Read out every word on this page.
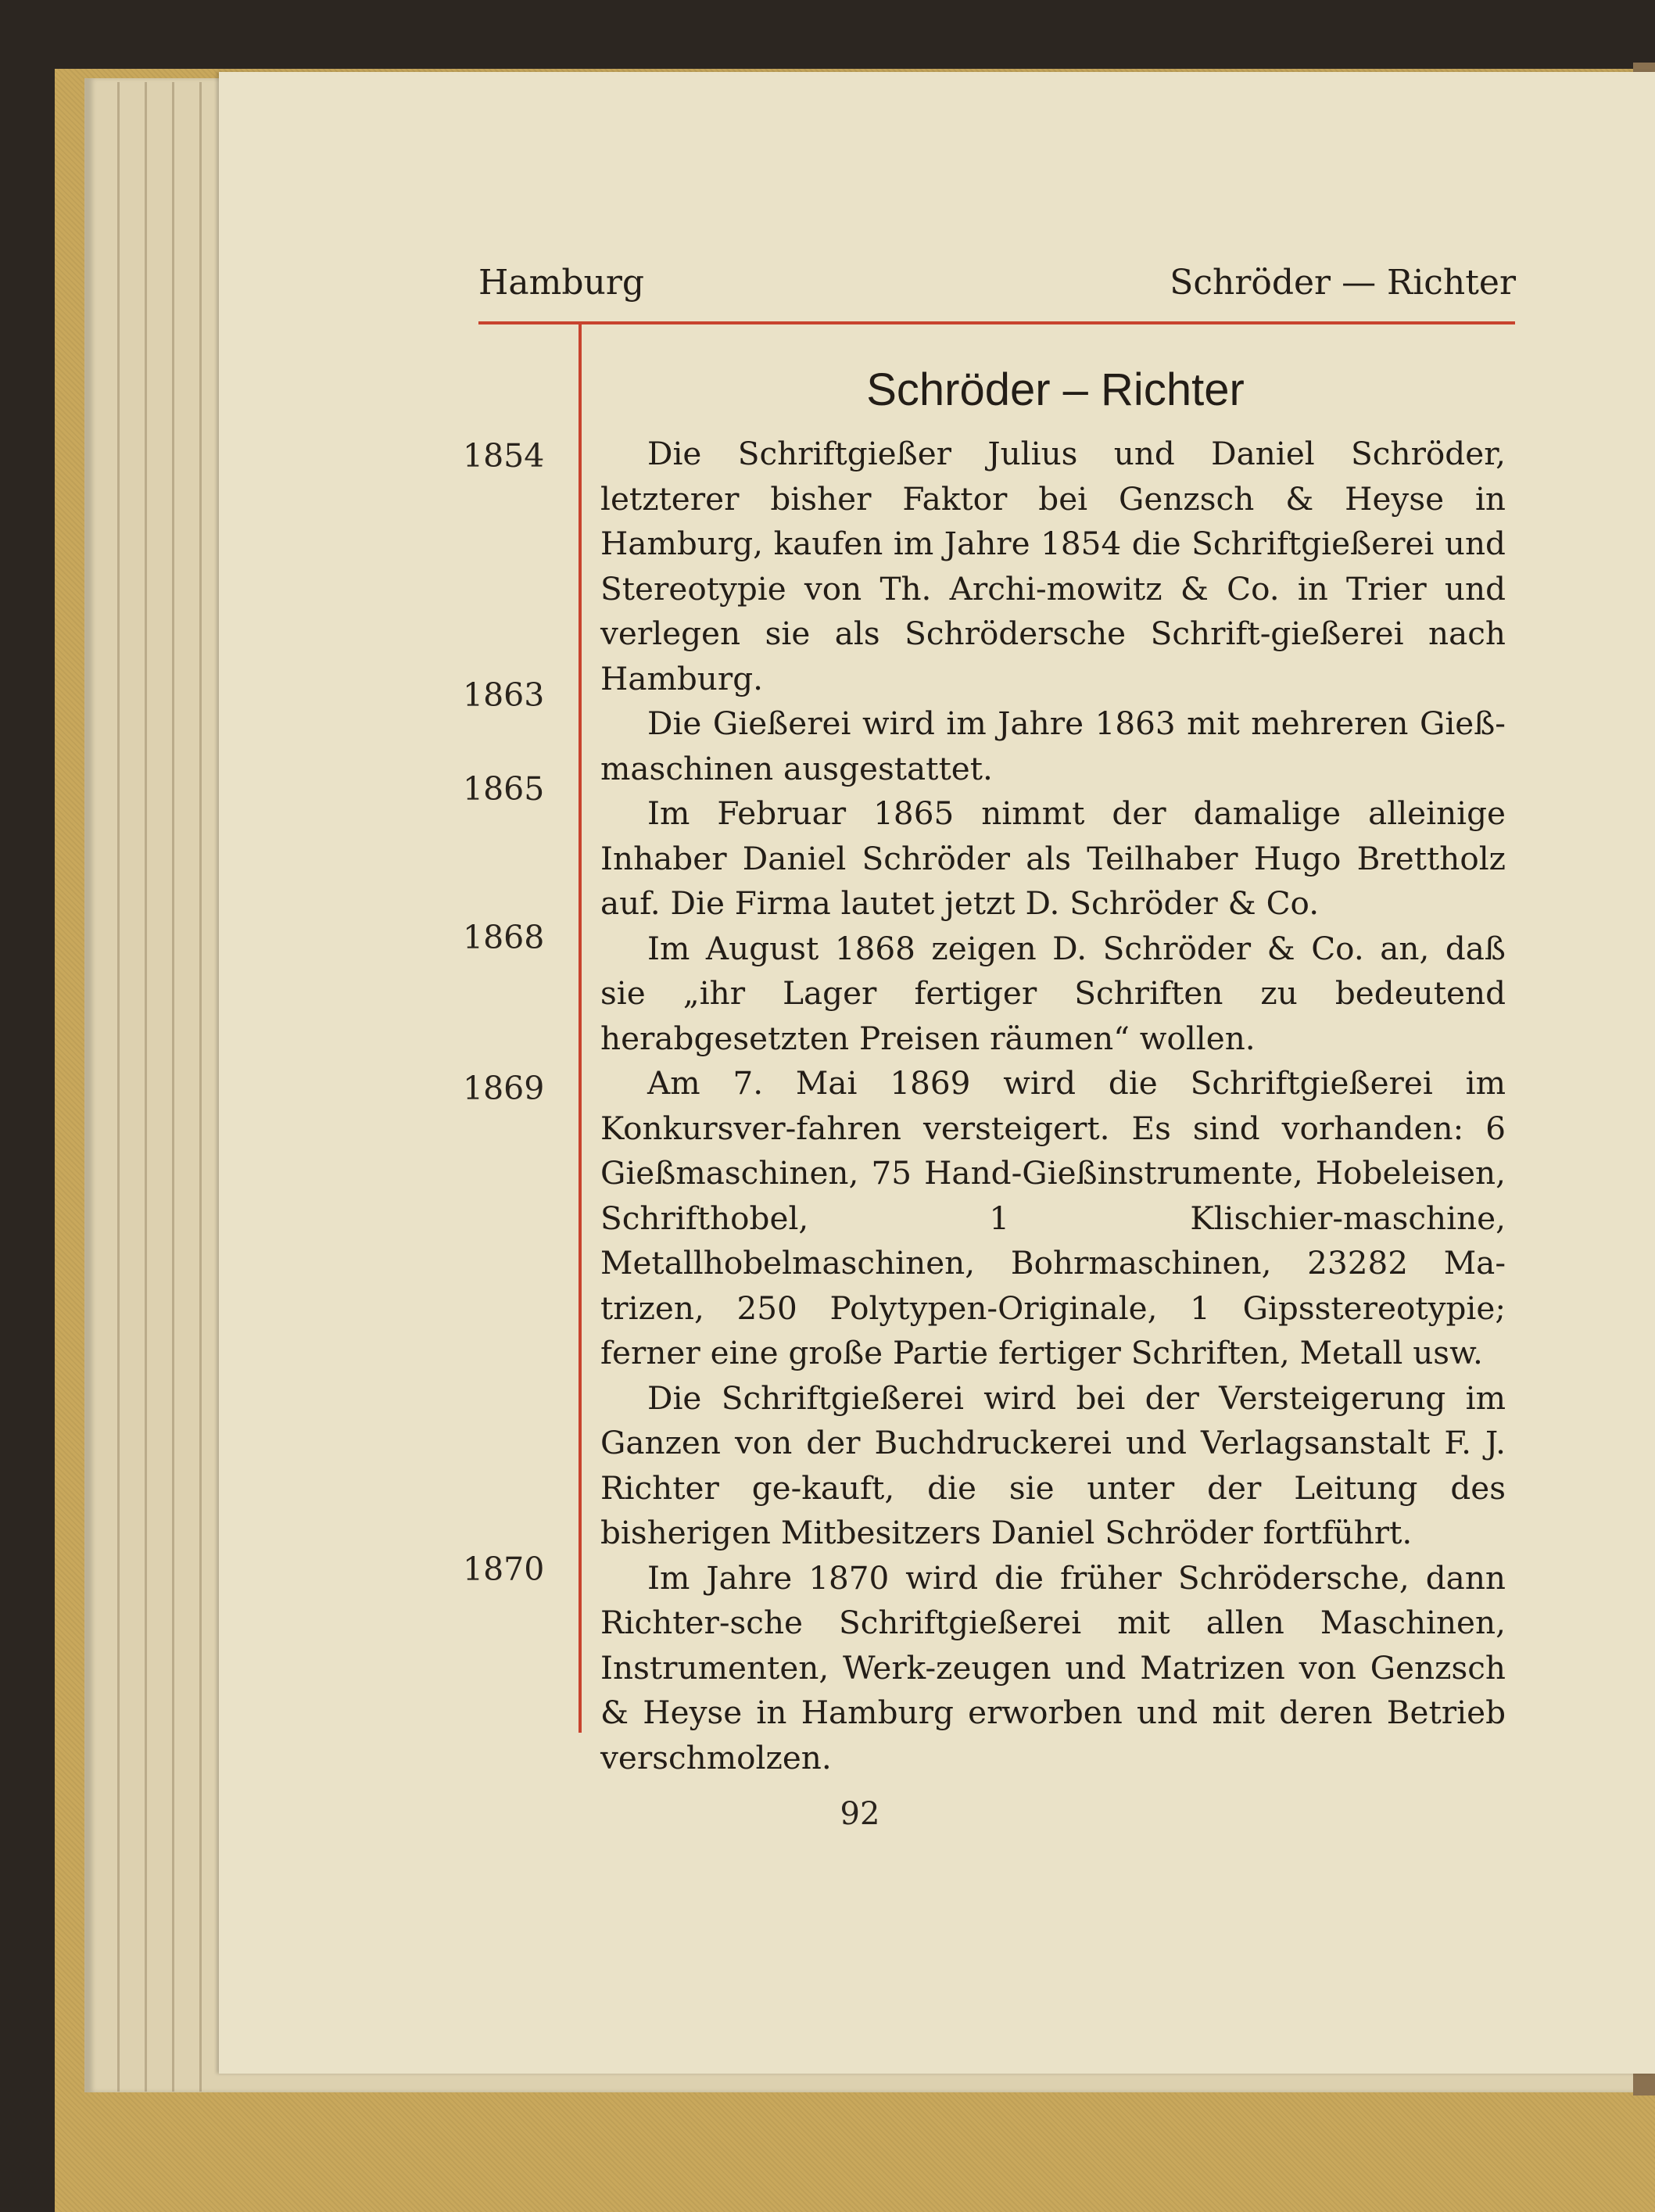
Hamburg	Schröder — Richter
Schröder – Richter
1854
1863
1865
1868
1869
1870

Die Schriftgießer Julius und Daniel Schröder, letzterer bisher Faktor bei Genzsch & Heyse in Hamburg, kaufen im Jahre 1854 die Schriftgießerei und Stereotypie von Th. Archi-mowitz & Co. in Trier und verlegen sie als Schrödersche Schrift-gießerei nach Hamburg.

Die Gießerei wird im Jahre 1863 mit mehreren Gieß-maschinen ausgestattet.

Im Februar 1865 nimmt der damalige alleinige Inhaber Daniel Schröder als Teilhaber Hugo Brettholz auf. Die Firma lautet jetzt D. Schröder & Co.

Im August 1868 zeigen D. Schröder & Co. an, daß sie „ihr Lager fertiger Schriften zu bedeutend herabgesetzten Preisen räumen“ wollen.

Am 7. Mai 1869 wird die Schriftgießerei im Konkursver-fahren versteigert. Es sind vorhanden: 6 Gießmaschinen, 75 Hand-Gießinstrumente, Hobeleisen, Schrifthobel, 1 Klischier-maschine, Metallhobelmaschinen, Bohrmaschinen, 23282 Ma-trizen, 250 Polytypen-Originale, 1 Gipsstereotypie; ferner eine große Partie fertiger Schriften, Metall usw.

Die Schriftgießerei wird bei der Versteigerung im Ganzen von der Buchdruckerei und Verlagsanstalt F. J. Richter ge-kauft, die sie unter der Leitung des bisherigen Mitbesitzers Daniel Schröder fortführt.

Im Jahre 1870 wird die früher Schrödersche, dann Richter-sche Schriftgießerei mit allen Maschinen, Instrumenten, Werk-zeugen und Matrizen von Genzsch & Heyse in Hamburg erworben und mit deren Betrieb verschmolzen.

92
